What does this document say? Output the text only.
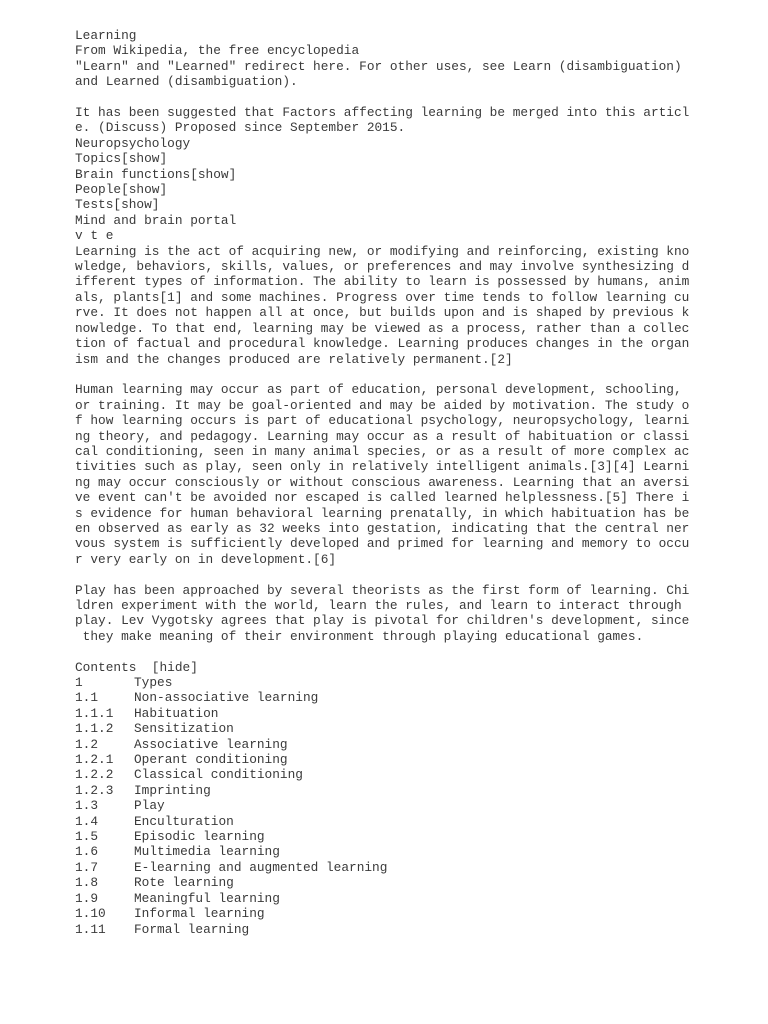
Learning
From Wikipedia, the free encyclopedia
"Learn" and "Learned" redirect here. For other uses, see Learn (disambiguation)
and Learned (disambiguation).
It has been suggested that Factors affecting learning be merged into this articl
e. (Discuss) Proposed since September 2015.
Neuropsychology
Topics[show]
Brain functions[show]
People[show]
Tests[show]
Mind and brain portal
v t e
Learning is the act of acquiring new, or modifying and reinforcing, existing kno
wledge, behaviors, skills, values, or preferences and may involve synthesizing d
ifferent types of information. The ability to learn is possessed by humans, anim
als, plants[1] and some machines. Progress over time tends to follow learning cu
rve. It does not happen all at once, but builds upon and is shaped by previous k
nowledge. To that end, learning may be viewed as a process, rather than a collec
tion of factual and procedural knowledge. Learning produces changes in the organ
ism and the changes produced are relatively permanent.[2]
Human learning may occur as part of education, personal development, schooling,
or training. It may be goal-oriented and may be aided by motivation. The study o
f how learning occurs is part of educational psychology, neuropsychology, learni
ng theory, and pedagogy. Learning may occur as a result of habituation or classi
cal conditioning, seen in many animal species, or as a result of more complex ac
tivities such as play, seen only in relatively intelligent animals.[3][4] Learni
ng may occur consciously or without conscious awareness. Learning that an aversi
ve event can't be avoided nor escaped is called learned helplessness.[5] There i
s evidence for human behavioral learning prenatally, in which habituation has be
en observed as early as 32 weeks into gestation, indicating that the central ner
vous system is sufficiently developed and primed for learning and memory to occu
r very early on in development.[6]
Play has been approached by several theorists as the first form of learning. Chi
ldren experiment with the world, learn the rules, and learn to interact through
play. Lev Vygotsky agrees that play is pivotal for children's development, since
they make meaning of their environment through playing educational games.
Contents  [hide]
1	Types
1.1	Non-associative learning
1.1.1	Habituation
1.1.2	Sensitization
1.2	Associative learning
1.2.1	Operant conditioning
1.2.2	Classical conditioning
1.2.3	Imprinting
1.3	Play
1.4	Enculturation
1.5	Episodic learning
1.6	Multimedia learning
1.7	E-learning and augmented learning
1.8	Rote learning
1.9	Meaningful learning
1.10	Informal learning
1.11	Formal learning
